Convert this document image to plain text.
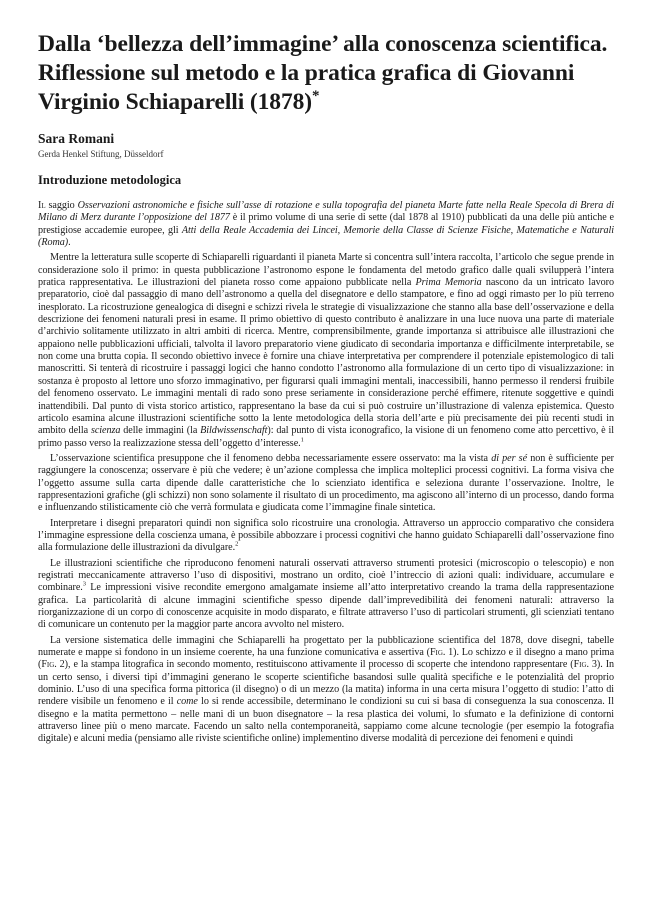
Dalla ‘bellezza dell’immagine’ alla conoscenza scientifica. Riflessione sul metodo e la pratica grafica di Giovanni Virginio Schiaparelli (1878)*
Sara Romani
Gerda Henkel Stiftung, Düsseldorf
Introduzione metodologica

Il saggio Osservazioni astronomiche e fisiche sull’asse di rotazione e sulla topografia del pianeta Marte fatte nella Reale Specola di Brera di Milano di Merz durante l’opposizione del 1877 è il primo volume di una serie di sette (dal 1878 al 1910) pubblicati da una delle più antiche e prestigiose accademie europee, gli Atti della Reale Accademia dei Lincei, Memorie della Classe di Scienze Fisiche, Matematiche e Naturali (Roma).

Mentre la letteratura sulle scoperte di Schiaparelli riguardanti il pianeta Marte si concentra sull’intera raccolta, l’articolo che segue prende in considerazione solo il primo: in questa pubblicazione l’astronomo espone le fondamenta del metodo grafico dalle quali svilupperà l’intera pratica rappresentativa. Le illustrazioni del pianeta rosso come appaiono pubblicate nella Prima Memoria nascono da un intricato lavoro preparatorio, cioè dal passaggio di mano dell’astronomo a quella del disegnatore e dello stampatore, e fino ad oggi rimasto per lo più terreno inesplorato. La ricostruzione genealogica di disegni e schizzi rivela le strategie di visualizzazione che stanno alla base dell’osservazione e della descrizione dei fenomeni naturali presi in esame. Il primo obiettivo di questo contributo è analizzare in una luce nuova una parte di materiale d’archivio solitamente utilizzato in altri ambiti di ricerca. Mentre, comprensibilmente, grande importanza si attribuisce alle illustrazioni che appaiono nelle pubblicazioni ufficiali, talvolta il lavoro preparatorio viene giudicato di secondaria importanza e difficilmente interpretabile, se non come una brutta copia. Il secondo obiettivo invece è fornire una chiave interpretativa per comprendere il potenziale epistemologico di tali manoscritti. Si tenterà di ricostruire i passaggi logici che hanno condotto l’astronomo alla formulazione di un certo tipo di visualizzazione: in sostanza è proposto al lettore uno sforzo immaginativo, per figurarsi quali immagini mentali, inaccessibili, hanno permesso il rendersi fruibile del fenomeno osservato. Le immagini mentali di rado sono prese seriamente in considerazione perché effimere, ritenute soggettive e quindi inattendibili. Dal punto di vista storico artistico, rappresentano la base da cui si può costruire un’illustrazione di valenza epistemica. Questo articolo esamina alcune illustrazioni scientifiche sotto la lente metodologica della storia dell’arte e più precisamente dei più recenti studi in ambito della scienza delle immagini (la Bildwissenschaft): dal punto di vista iconografico, la visione di un fenomeno come atto percettivo, è il primo passo verso la realizzazione stessa dell’oggetto d’interesse.$^1$

L’osservazione scientifica presuppone che il fenomeno debba necessariamente essere osservato: ma la vista di per sé non è sufficiente per raggiungere la conoscenza; osservare è più che vedere; è un’azione complessa che implica molteplici processi cognitivi. La forma visiva che l’oggetto assume sulla carta dipende dalle caratteristiche che lo scienziato identifica e seleziona durante l’osservazione. Inoltre, le rappresentazioni grafiche (gli schizzi) non sono solamente il risultato di un procedimento, ma agiscono all’interno di un processo, dando forma e influenzando stilisticamente ciò che verrà formulata e giudicata come l’immagine finale sintetica.

Interpretare i disegni preparatori quindi non significa solo ricostruire una cronologia. Attraverso un approccio comparativo che considera l’immagine espressione della coscienza umana, è possibile abbozzare i processi cognitivi che hanno guidato Schiaparelli dall’osservazione fino alla formulazione delle illustrazioni da divulgare.$^2$

Le illustrazioni scientifiche che riproducono fenomeni naturali osservati attraverso strumenti protesici (microscopio o telescopio) e non registrati meccanicamente attraverso l’uso di dispositivi, mostrano un ordito, cioè l’intreccio di azioni quali: individuare, accumulare e combinare.$^3$ Le impressioni visive recondite emergono amalgamate insieme all’atto interpretativo creando la trama della rappresentazione grafica. La particolarità di alcune immagini scientifiche spesso dipende dall’imprevedibilità dei fenomeni naturali: attraverso la riorganizzazione di un corpo di conoscenze acquisite in modo disparato, e filtrate attraverso l’uso di particolari strumenti, gli scienziati tentano di comunicare un contenuto per la maggior parte ancora avvolto nel mistero.

La versione sistematica delle immagini che Schiaparelli ha progettato per la pubblicazione scientifica del 1878, dove disegni, tabelle numerate e mappe si fondono in un insieme coerente, ha una funzione comunicativa e assertiva (Fig. 1). Lo schizzo e il disegno a mano prima (Fig. 2), e la stampa litografica in secondo momento, restituiscono attivamente il processo di scoperte che intendono rappresentare (Fig. 3). In un certo senso, i diversi tipi d’immagini generano le scoperte scientifiche basandosi sulle qualità specifiche e le potenzialità del proprio dominio. L’uso di una specifica forma pittorica (il disegno) o di un mezzo (la matita) informa in una certa misura l’oggetto di studio: l’atto di rendere visibile un fenomeno e il come lo si rende accessibile, determinano le condizioni su cui si basa di conseguenza la sua conoscenza. Il disegno e la matita permettono – nelle mani di un buon disegnatore – la resa plastica dei volumi, lo sfumato e la definizione di contorni attraverso linee più o meno marcate. Facendo un salto nella contemporaneità, sappiamo come alcune tecnologie (per esempio la fotografia digitale) e alcuni media (pensiamo alle riviste scientifiche online) implementino diverse modalità di percezione dei fenomeni e quindi
